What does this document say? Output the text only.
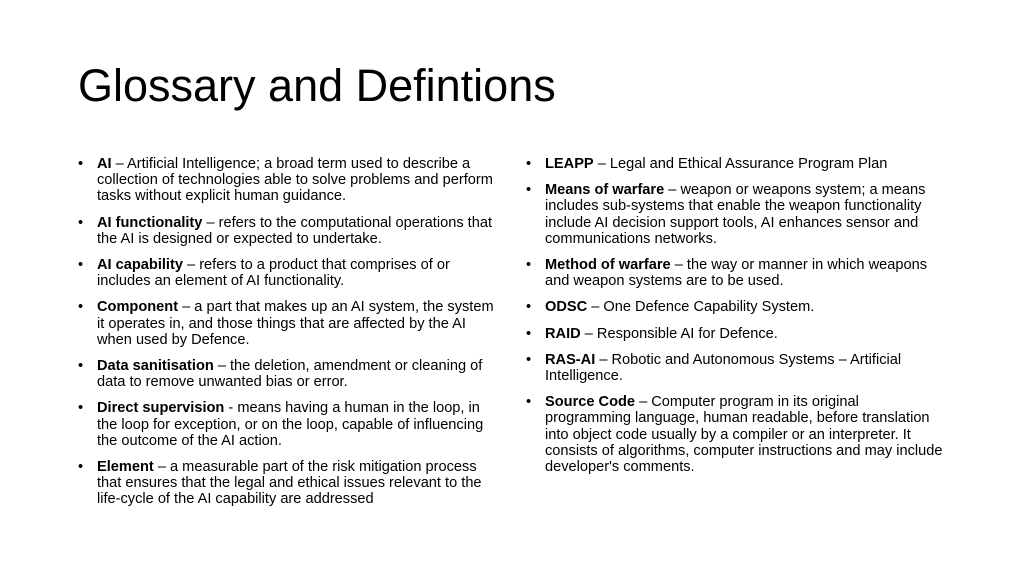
Glossary and Defintions
• AI – Artificial Intelligence; a broad term used to describe a collection of technologies able to solve problems and perform tasks without explicit human guidance.
• AI functionality – refers to the computational operations that the AI is designed or expected to undertake.
• AI capability – refers to a product that comprises of or includes an element of AI functionality.
• Component – a part that makes up an AI system, the system it operates in, and those things that are affected by the AI when used by Defence.
• Data sanitisation – the deletion, amendment or cleaning of data to remove unwanted bias or error.
• Direct supervision - means having a human in the loop, in the loop for exception, or on the loop, capable of influencing the outcome of the AI action.
• Element – a measurable part of the risk mitigation process that ensures that the legal and ethical issues relevant to the life-cycle of the AI capability are addressed
• LEAPP – Legal and Ethical Assurance Program Plan
• Means of warfare – weapon or weapons system; a means includes sub-systems that enable the weapon functionality include AI decision support tools, AI enhances sensor and communications networks.
• Method of warfare – the way or manner in which weapons and weapon systems are to be used.
• ODSC – One Defence Capability System.
• RAID – Responsible AI for Defence.
• RAS-AI – Robotic and Autonomous Systems – Artificial Intelligence.
• Source Code – Computer program in its original programming language, human readable, before translation into object code usually by a compiler or an interpreter. It consists of algorithms, computer instructions and may include developer's comments.
